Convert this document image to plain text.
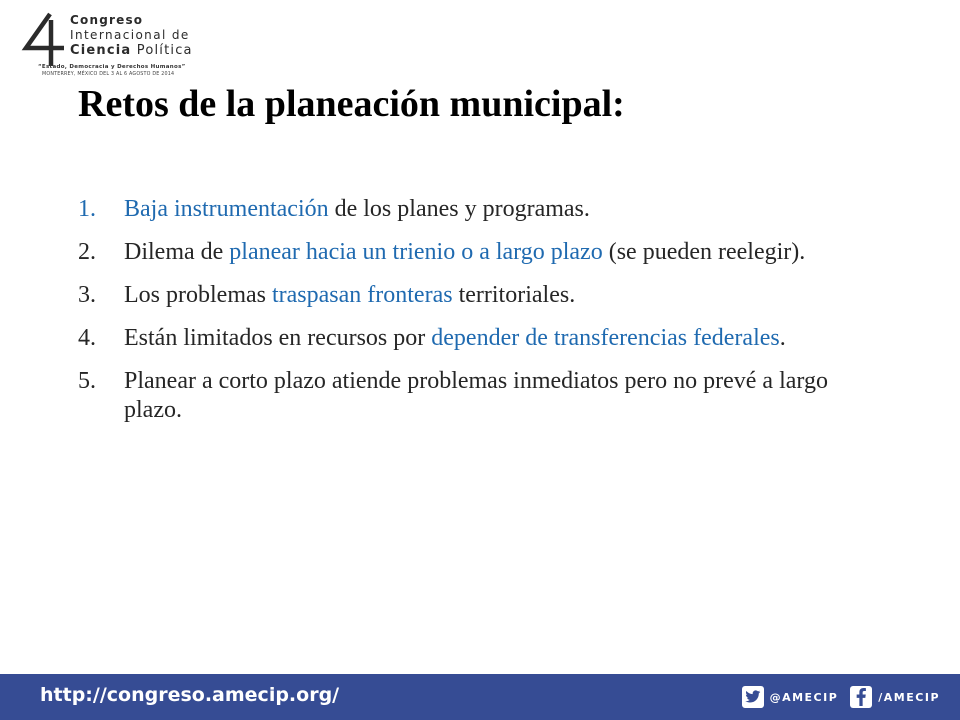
Congreso
Internacional de
Ciencia Política
“Estado, Democracia y Derechos Humanos”
MONTERREY, MÉXICO DEL 3 AL 6 AGOSTO DE 2014
Retos de la planeación municipal:
1. Baja instrumentación de los planes y programas.
2. Dilema de planear hacia un trienio o a largo plazo (se pueden reelegir).
3. Los problemas traspasan fronteras territoriales.
4. Están limitados en recursos por depender de transferencias federales.
5. Planear a corto plazo atiende problemas inmediatos pero no prevé a largo plazo.
http://congreso.amecip.org/	@AMECIP	/AMECIP
